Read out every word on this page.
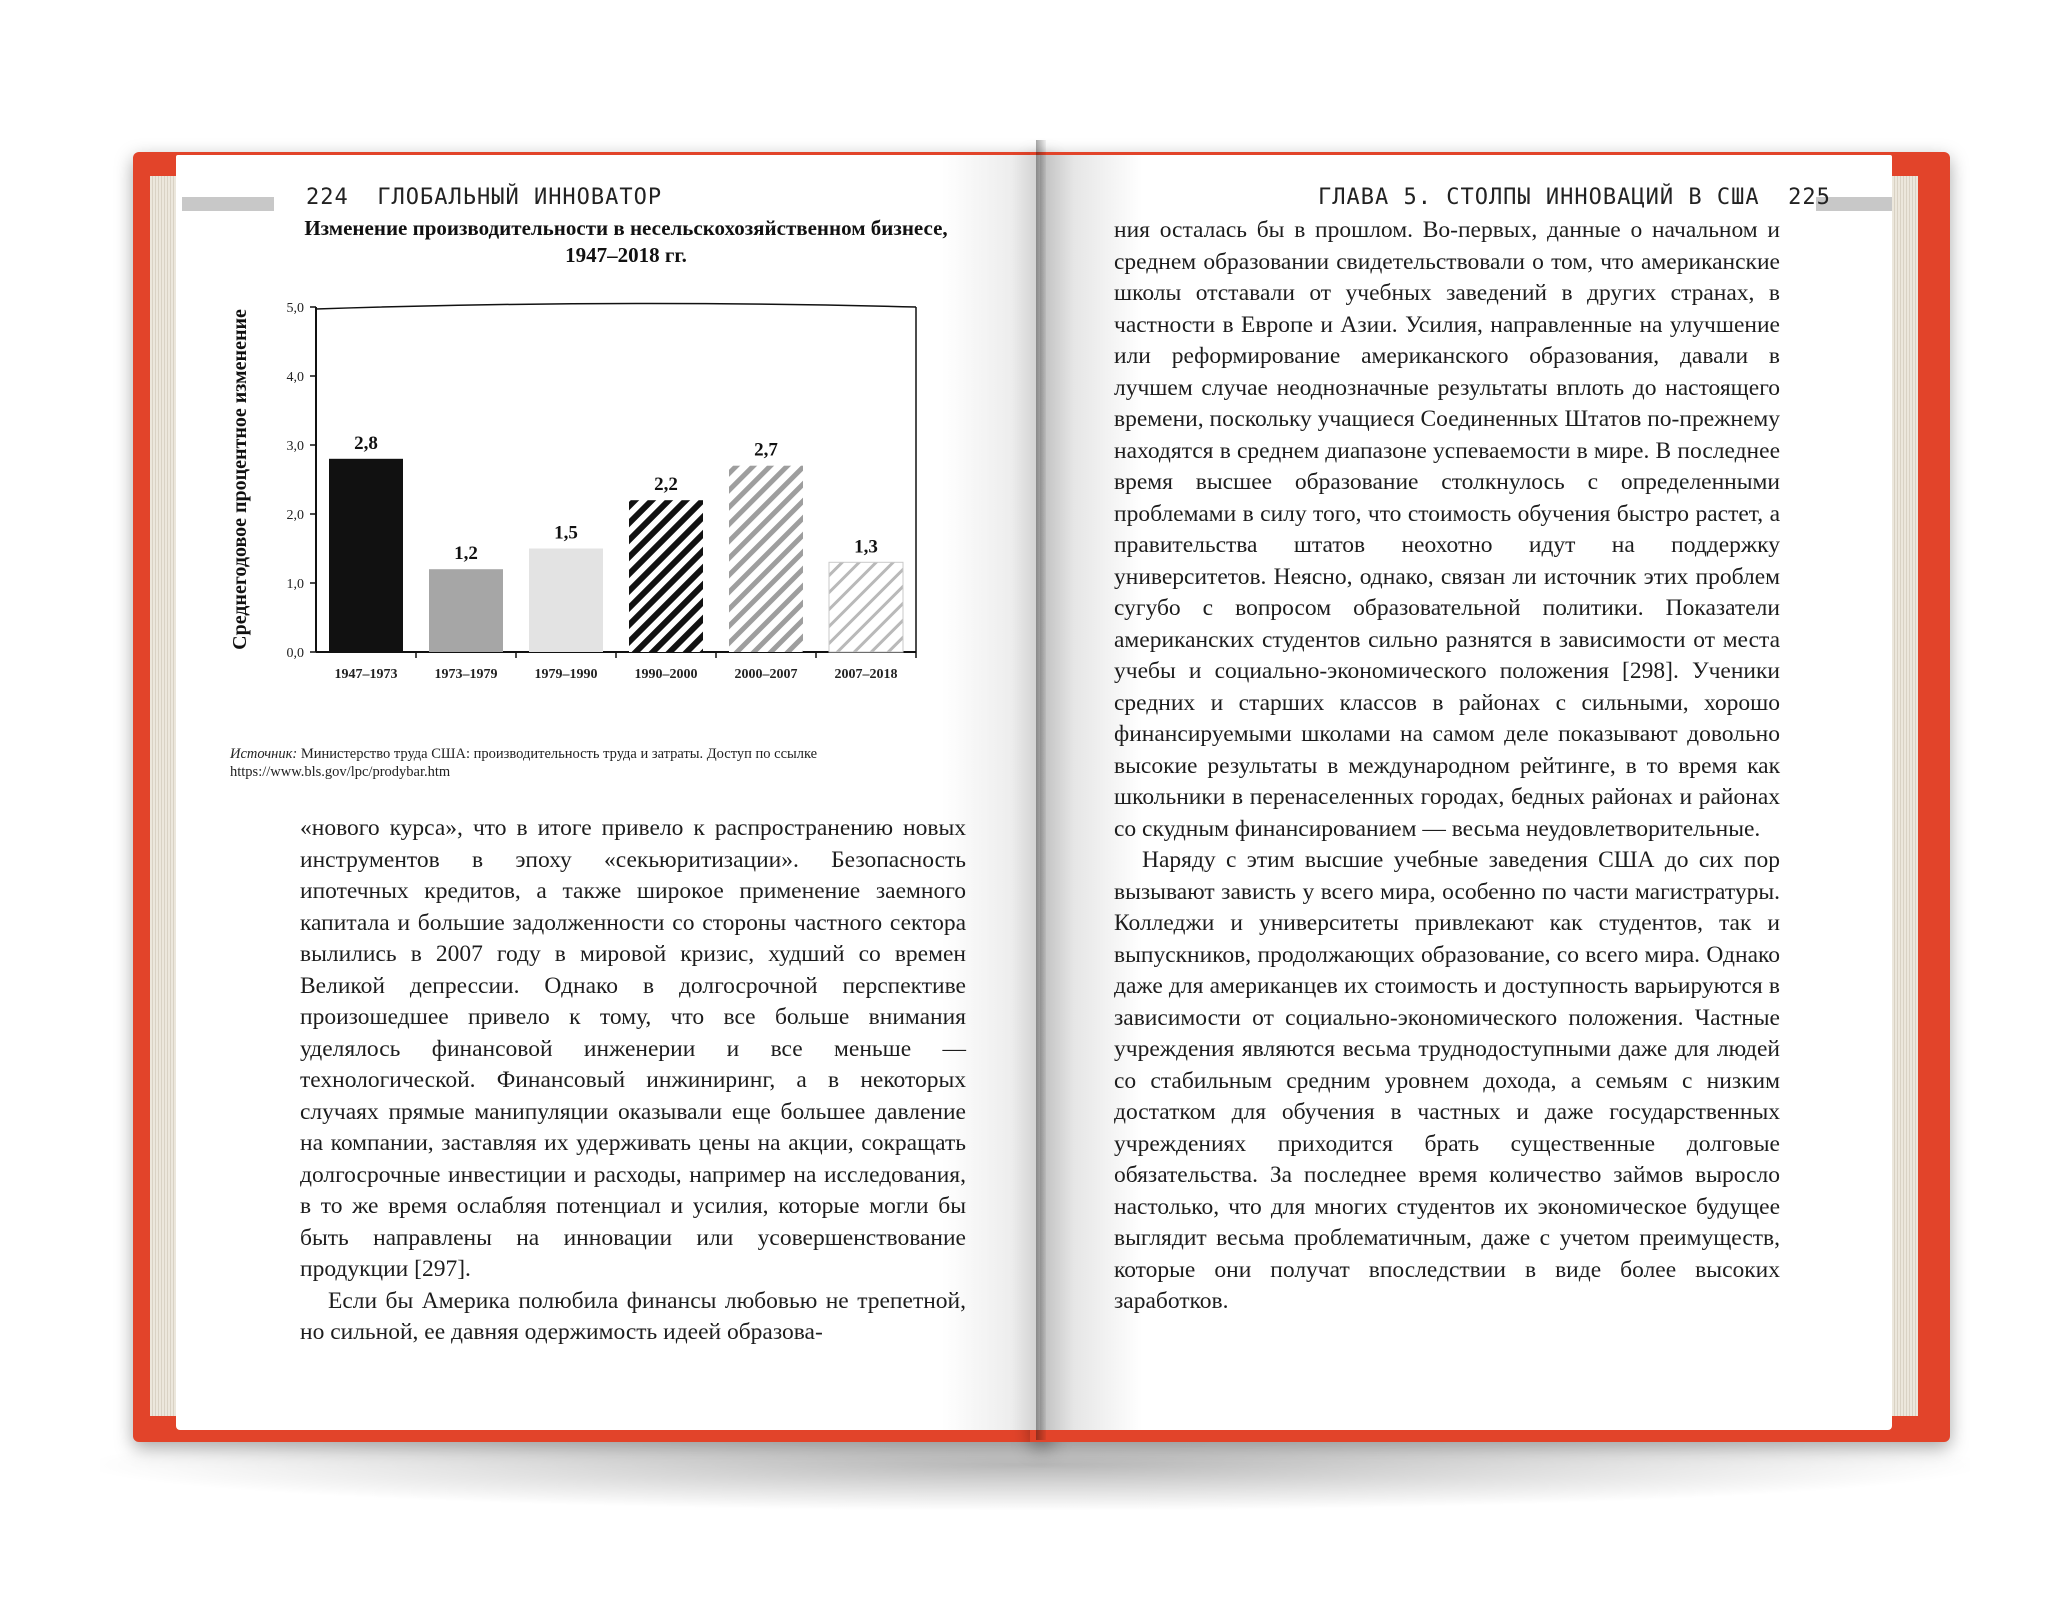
224 ГЛОБАЛЬНЫЙ ИННОВАТОР
Изменение производительности в несельскохозяйственном бизнесе, 1947–2018 гг.
0,0
1,0
2,0
3,0
4,0
5,0
Среднегодовое процентное изменение	2,8
1947–1973
1,2
1973–1979
1,5
1979–1990
2,2
1990–2000
2,7
2000–2007
1,3
2007–2018
Источник: Министерство труда США: производительность труда и затраты. Доступ по ссылке https://www.bls.gov/lpc/prodybar.htm

«нового курса», что в итоге привело к распространению новых инструментов в эпоху «секьюритизации». Безопасность ипотечных кредитов, а также широкое применение заемного капитала и большие задолженности со стороны частного сектора вылились в 2007 году в мировой кризис, худший со времен Великой депрессии. Однако в долгосрочной перспективе произошедшее привело к тому, что все больше внимания уделялось финансовой инженерии и все меньше — технологической. Финансовый инжиниринг, а в некоторых случаях прямые манипуляции оказывали еще большее давление на компании, заставляя их удерживать цены на акции, сокращать долгосрочные инвестиции и расходы, например на исследования, в то же время ослабляя потенциал и усилия, которые могли бы быть направлены на инновации или усовершенствование продукции [297].

Если бы Америка полюбила финансы любовью не трепетной, но сильной, ее давняя одержимость идеей образова-

ГЛАВА 5. СТОЛПЫ ИННОВАЦИЙ В США 225

ния осталась бы в прошлом. Во-первых, данные о начальном и среднем образовании свидетельствовали о том, что американские школы отставали от учебных заведений в других странах, в частности в Европе и Азии. Усилия, направленные на улучшение или реформирование американского образования, давали в лучшем случае неоднозначные результаты вплоть до настоящего времени, поскольку учащиеся Соединенных Штатов по-прежнему находятся в среднем диапазоне успеваемости в мире. В последнее время высшее образование столкнулось с определенными проблемами в силу того, что стоимость обучения быстро растет, а правительства штатов неохотно идут на поддержку университетов. Неясно, однако, связан ли источник этих проблем сугубо с вопросом образовательной политики. Показатели американских студентов сильно разнятся в зависимости от места учебы и социально-экономического положения [298]. Ученики средних и старших классов в районах с сильными, хорошо финансируемыми школами на самом деле показывают довольно высокие результаты в международном рейтинге, в то время как школьники в перенаселенных городах, бедных районах и районах со скудным финансированием — весьма неудовлетворительные.

Наряду с этим высшие учебные заведения США до сих пор вызывают зависть у всего мира, особенно по части магистратуры. Колледжи и университеты привлекают как студентов, так и выпускников, продолжающих образование, со всего мира. Однако даже для американцев их стоимость и доступность варьируются в зависимости от социально-экономического положения. Частные учреждения являются весьма труднодоступными даже для людей со стабильным средним уровнем дохода, а семьям с низким достатком для обучения в частных и даже государственных учреждениях приходится брать существенные долговые обязательства. За последнее время количество займов выросло настолько, что для многих студентов их экономическое будущее выглядит весьма проблематичным, даже с учетом преимуществ, которые они получат впоследствии в виде более высоких заработков.
